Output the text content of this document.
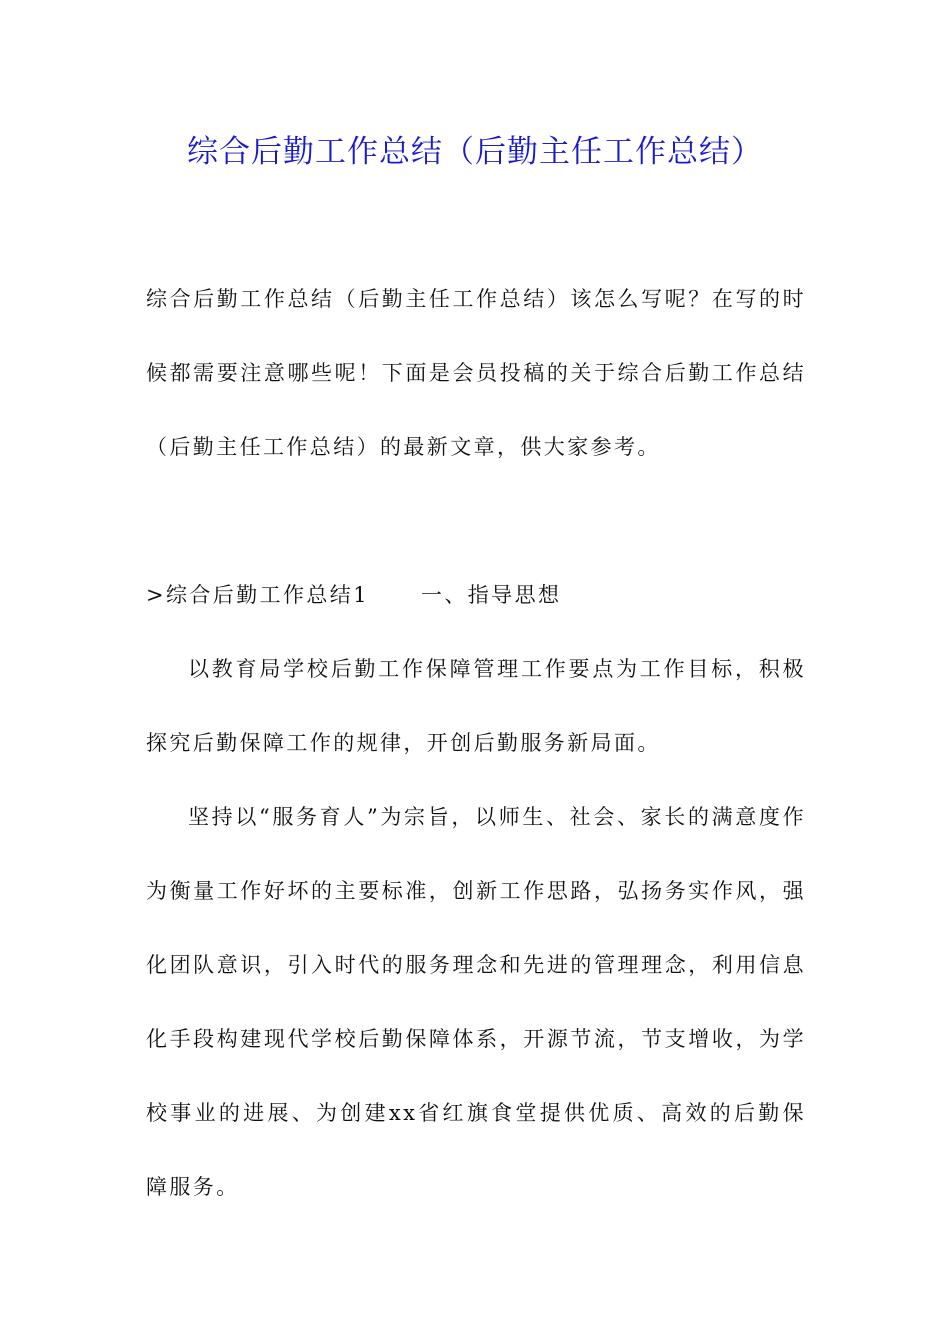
综合后勤工作总结（后勤主任工作总结）

综合后勤工作总结（后勤主任工作总结）该怎么写呢？在写的时候都需要注意哪些呢！下面是会员投稿的关于综合后勤工作总结（后勤主任工作总结）的最新文章，供大家参考。

>综合后勤工作总结1 一、指导思想

以教育局学校后勤工作保障管理工作要点为工作目标，积极探究后勤保障工作的规律，开创后勤服务新局面。

坚持以“服务育人”为宗旨，以师生、社会、家长的满意度作为衡量工作好坏的主要标准，创新工作思路，弘扬务实作风，强化团队意识，引入时代的服务理念和先进的管理理念，利用信息化手段构建现代学校后勤保障体系，开源节流，节支增收，为学校事业的进展、为创建xx省红旗食堂提供优质、高效的后勤保障服务。
